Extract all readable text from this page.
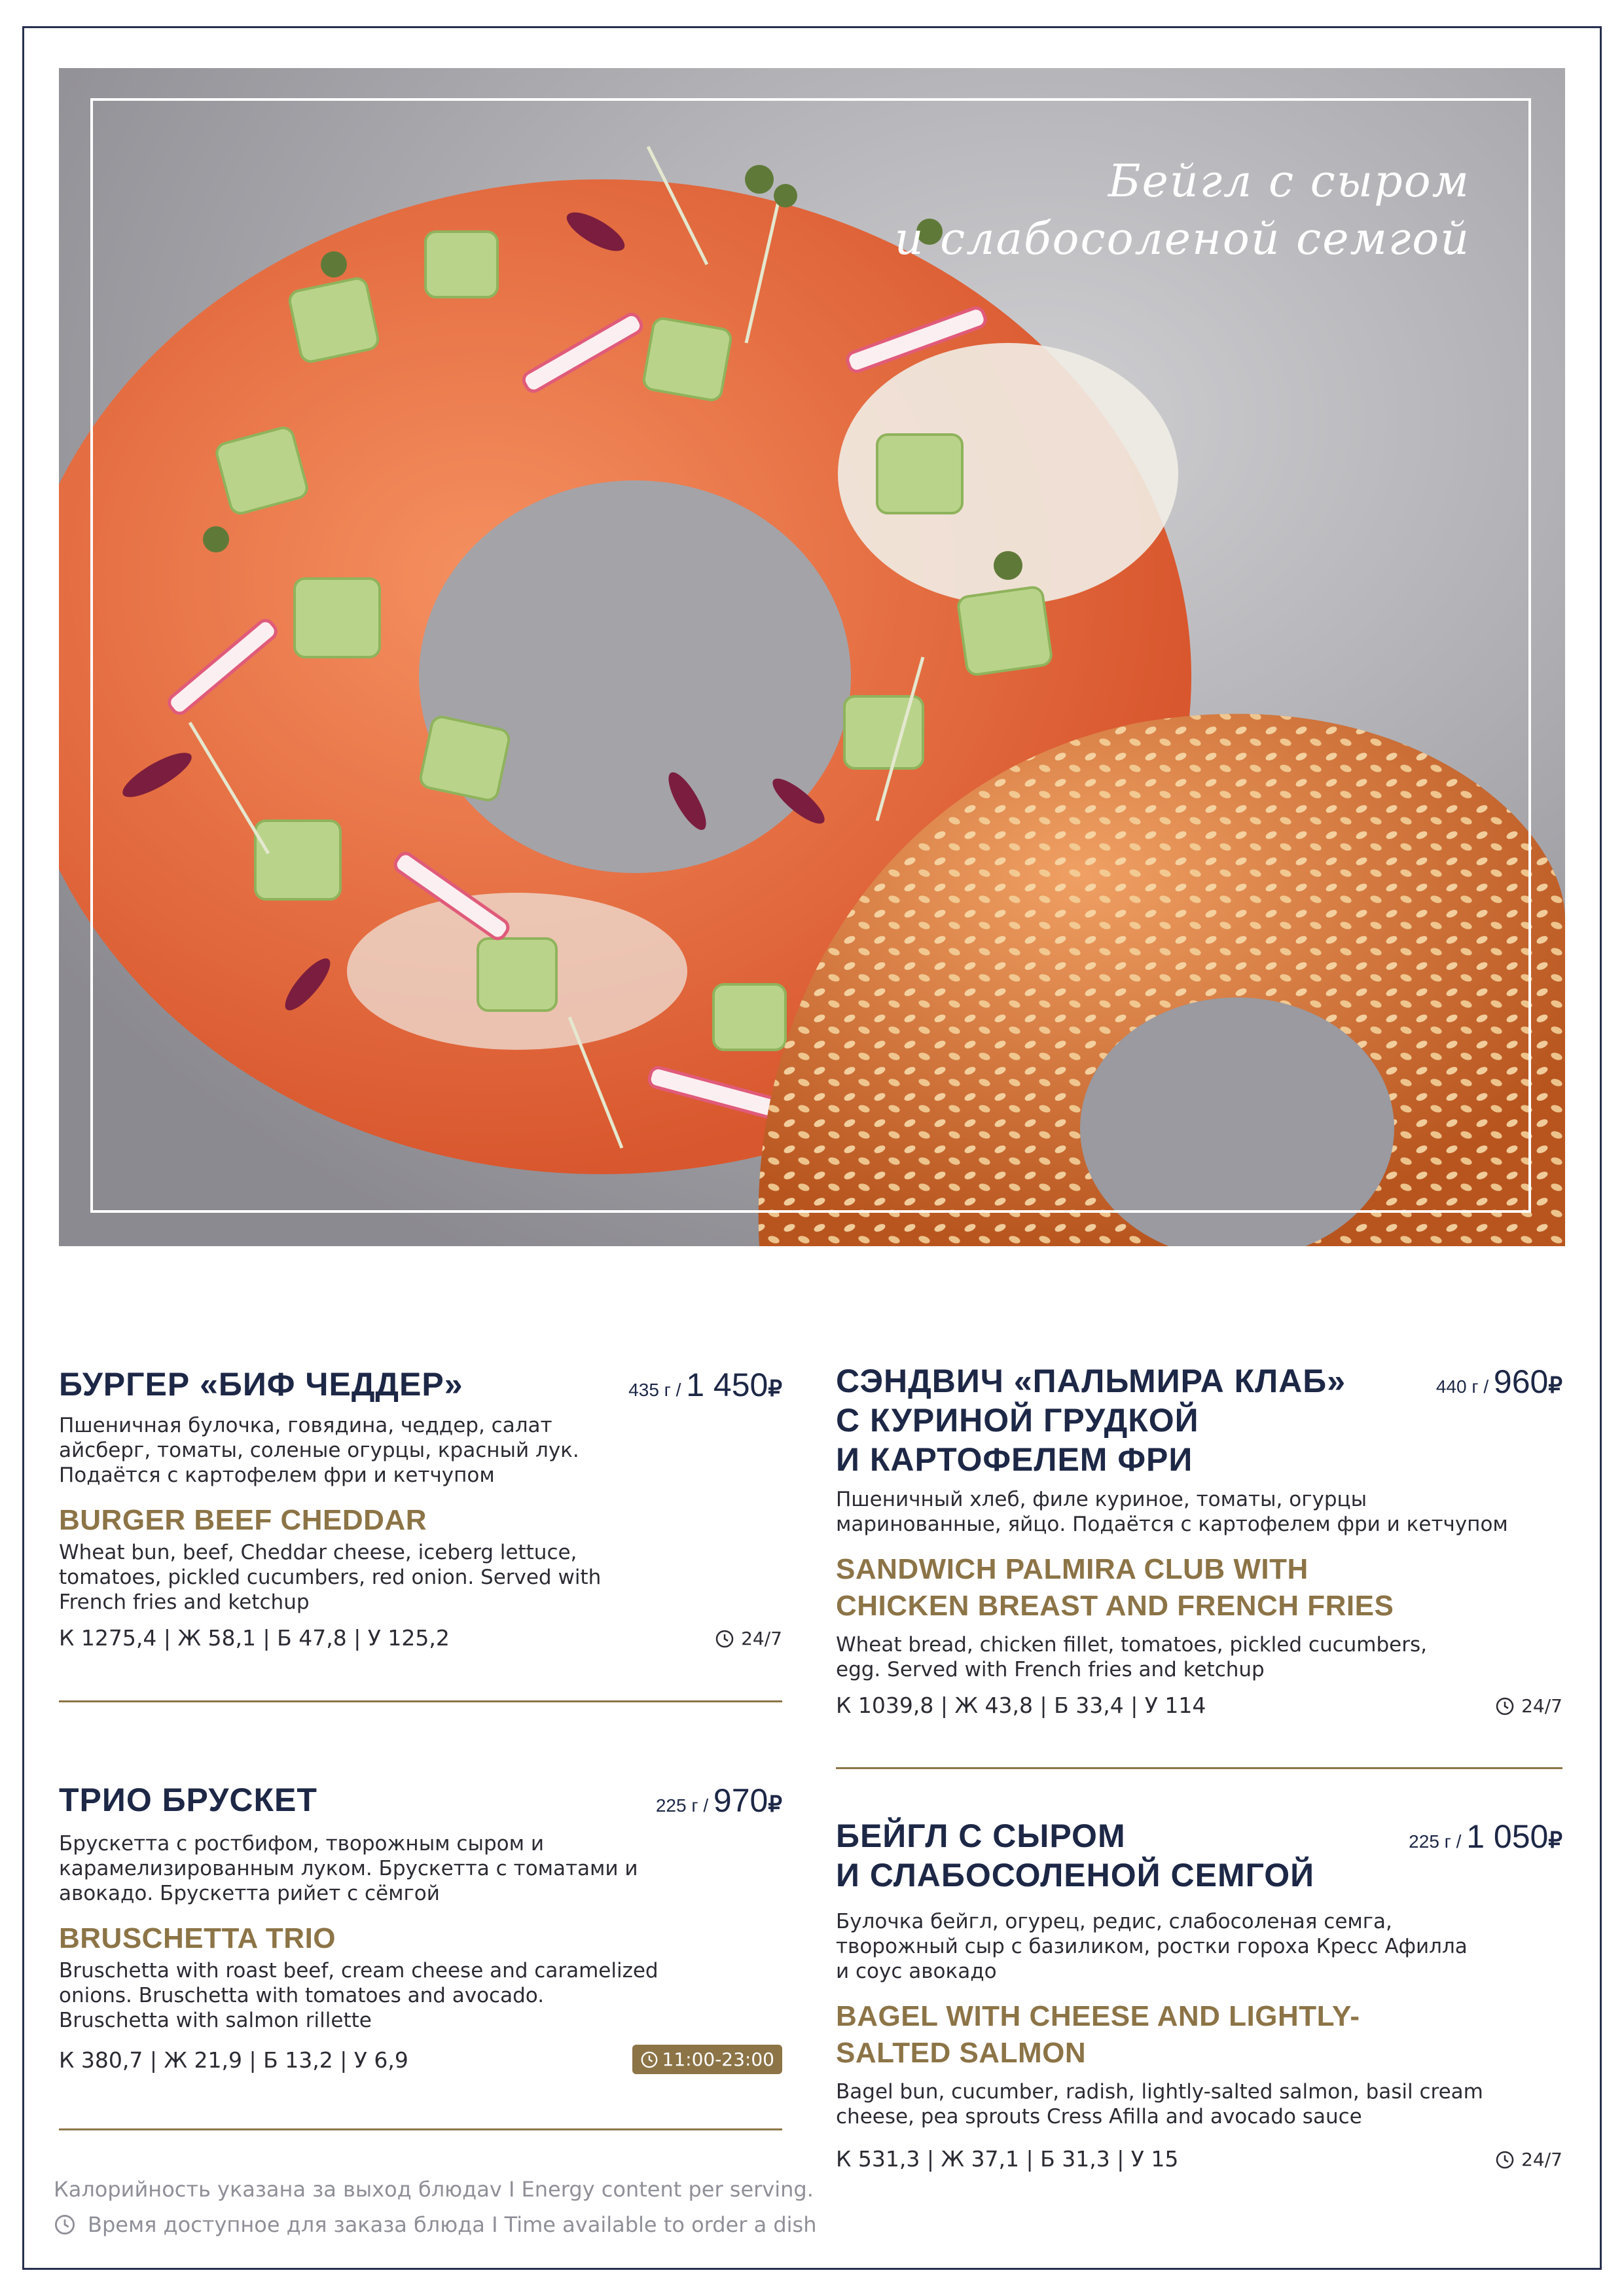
Бейгл с сыром
и слабосоленой семгой
БУРГЕР «БИФ ЧЕДДЕР»	435 г / 1 450₽

Пшеничная булочка, говядина, чеддер, салат
айсберг, томаты, соленые огурцы, красный лук.
Подаётся с картофелем фри и кетчупом

BURGER BEEF CHEDDAR

Wheat bun, beef, Cheddar cheese, iceberg lettuce,
tomatoes, pickled cucumbers, red onion. Served with
French fries and ketchup

К 1275,4 | Ж 58,1 | Б 47,8 | У 125,2	24/7
ТРИО БРУСКЕТ	225 г / 970₽

Брускетта с ростбифом, творожным сыром и
карамелизированным луком. Брускетта с томатами и
авокадо. Брускетта рийет с сёмгой

BRUSCHETTA TRIO

Bruschetta with roast beef, cream cheese and caramelized
onions. Bruschetta with tomatoes and avocado.
Bruschetta with salmon rillette

К 380,7 | Ж 21,9 | Б 13,2 | У 6,9	11:00-23:00
СЭНДВИЧ «ПАЛЬМИРА КЛАБ»
С КУРИНОЙ ГРУДКОЙ
И КАРТОФЕЛЕМ ФРИ
440 г / 960₽

Пшеничный хлеб, филе куриное, томаты, огурцы
маринованные, яйцо. Подаётся с картофелем фри и кетчупом

SANDWICH PALMIRA CLUB WITH
CHICKEN BREAST AND FRENCH FRIES

Wheat bread, chicken fillet, tomatoes, pickled cucumbers,
egg. Served with French fries and ketchup

К 1039,8 | Ж 43,8 | Б 33,4 | У 114	24/7
БЕЙГЛ С СЫРОМ
И СЛАБОСОЛЕНОЙ СЕМГОЙ
225 г / 1 050₽

Булочка бейгл, огурец, редис, слабосоленая семга,
творожный сыр с базиликом, ростки гороха Кресс Афилла
и соус авокадо

BAGEL WITH CHEESE AND LIGHTLY-
SALTED SALMON

Bagel bun, cucumber, radish, lightly-salted salmon, basil cream
cheese, pea sprouts Cress Afilla and avocado sauce

К 531,3 | Ж 37,1 | Б 31,3 | У 15	24/7
Калорийность указана за выход блюдаv I Energy content per serving.
Время доступное для заказа блюда I Time available to order a dish
